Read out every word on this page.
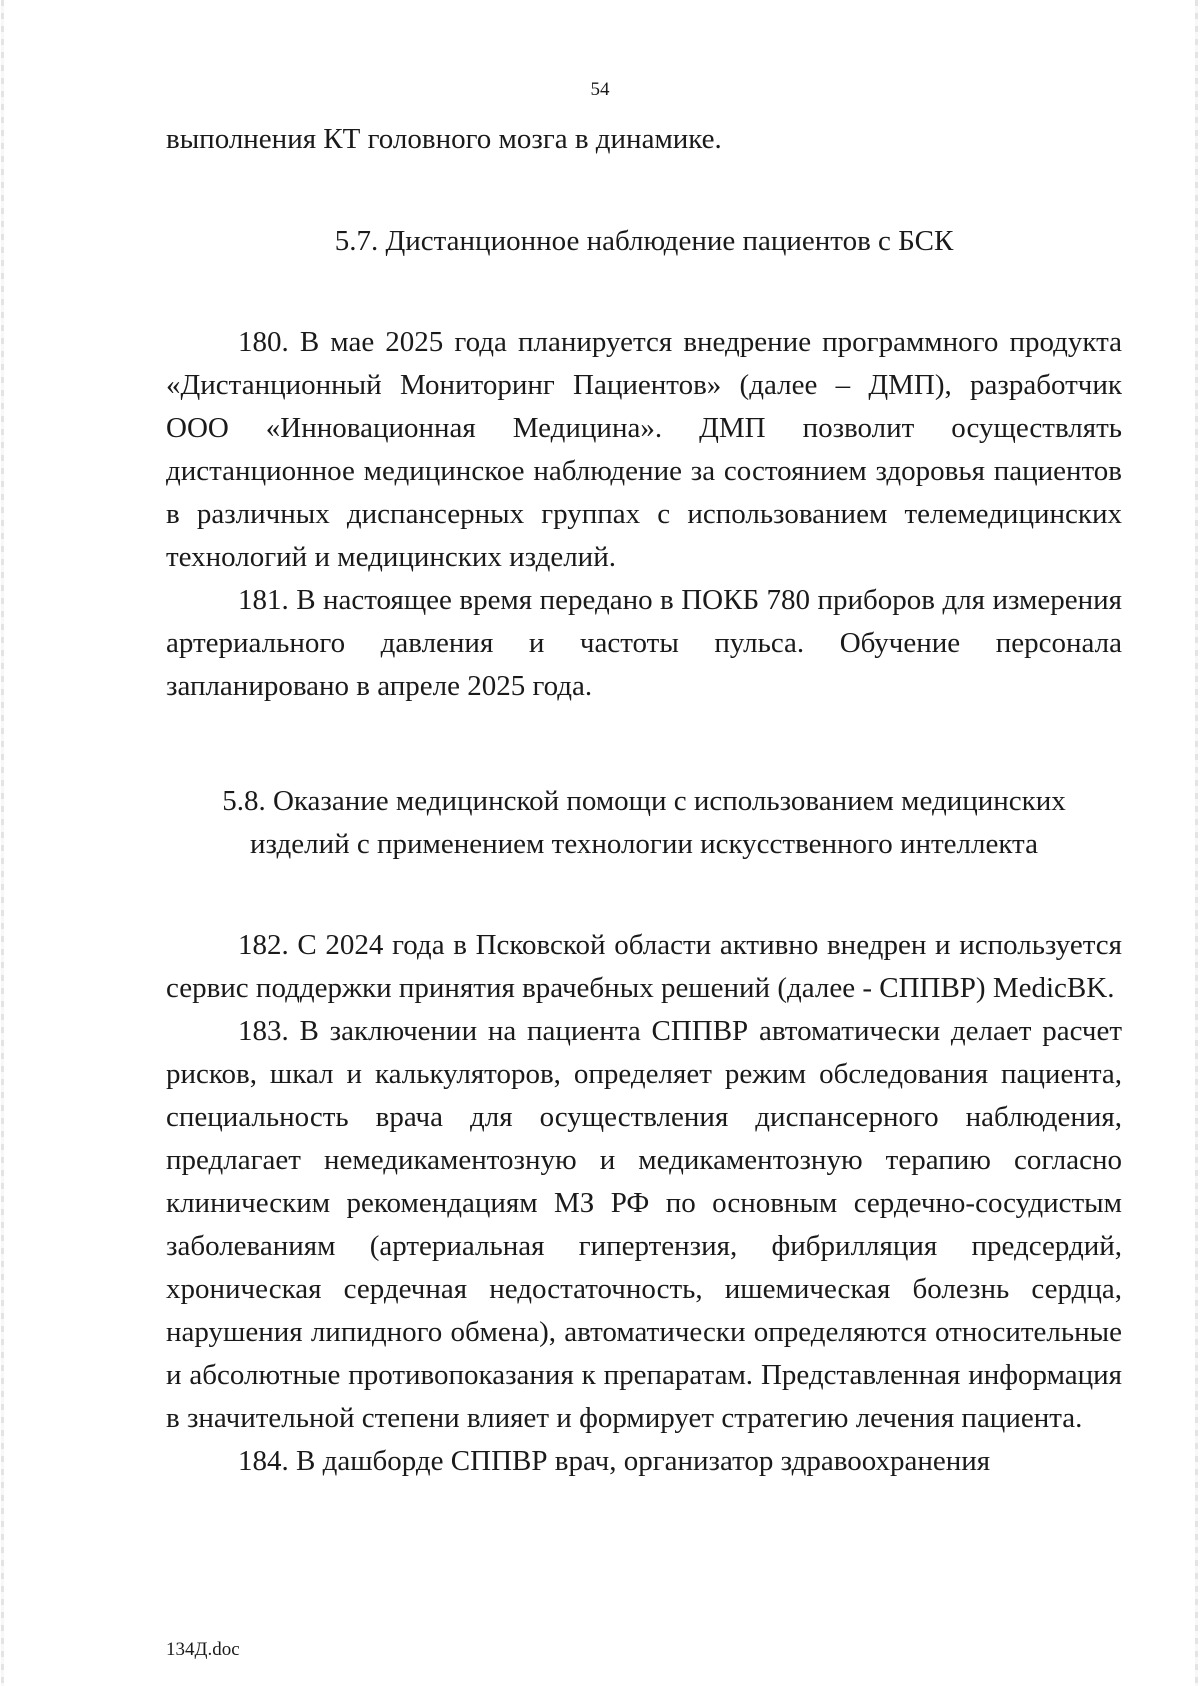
54
выполнения КТ головного мозга в динамике.
5.7. Дистанционное наблюдение пациентов с БСК

180. В мае 2025 года планируется внедрение программного продукта «Дистанционный Мониторинг Пациентов» (далее – ДМП), разработчик ООО «Инновационная Медицина». ДМП позволит осуществлять дистанционное медицинское наблюдение за состоянием здоровья пациентов в различных диспансерных группах с использованием телемедицинских технологий и медицинских изделий.

181. В настоящее время передано в ПОКБ 780 приборов для измерения артериального давления и частоты пульса. Обучение персонала запланировано в апреле 2025 года.

5.8. Оказание медицинской помощи с использованием медицинских
изделий с применением технологии искусственного интеллекта

182. С 2024 года в Псковской области активно внедрен и используется сервис поддержки принятия врачебных решений (далее - СППВР) MedicBK.

183. В заключении на пациента СППВР автоматически делает расчет рисков, шкал и калькуляторов, определяет режим обследования пациента, специальность врача для осуществления диспансерного наблюдения, предлагает немедикаментозную и медикаментозную терапию согласно клиническим рекомендациям МЗ РФ по основным сердечно-сосудистым заболеваниям (артериальная гипертензия, фибрилляция предсердий, хроническая сердечная недостаточность, ишемическая болезнь сердца, нарушения липидного обмена), автоматически определяются относительные и абсолютные противопоказания к препаратам. Представленная информация в значительной степени влияет и формирует стратегию лечения пациента.

184. В дашборде СППВР врач, организатор здравоохранения

134Д.doc
